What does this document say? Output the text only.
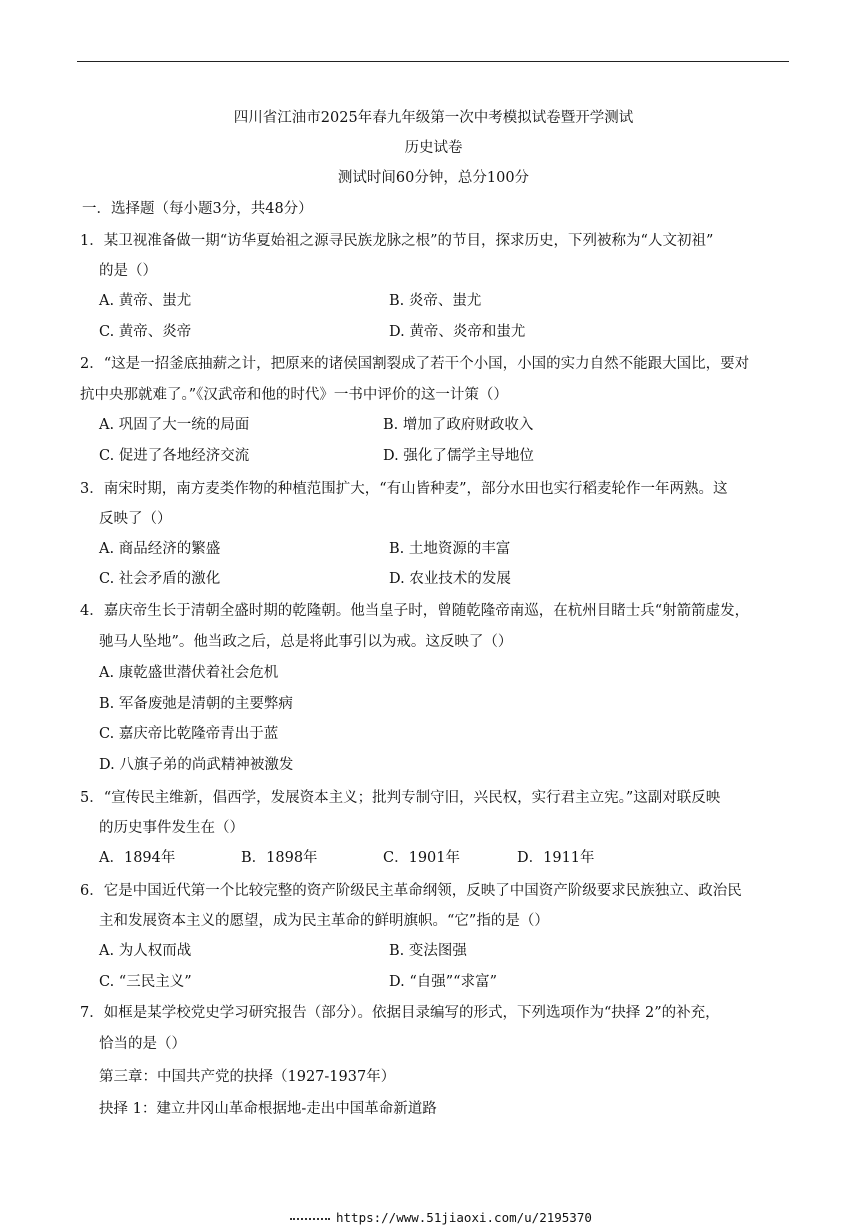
四川省江油市2025年春九年级第一次中考模拟试卷暨开学测试
历史试卷
测试时间60分钟，总分100分
一．选择题（每小题3分，共48分）
1．某卫视准备做一期“访华夏始祖之源寻民族龙脉之根”的节目，探求历史，下列被称为“人文初祖”
的是（）
A. 黄帝、蚩尤	B. 炎帝、蚩尤
C. 黄帝、炎帝	D. 黄帝、炎帝和蚩尤
2．“这是一招釜底抽薪之计，把原来的诸侯国割裂成了若干个小国，小国的实力自然不能跟大国比，要对
抗中央那就难了。”《汉武帝和他的时代》一书中评价的这一计策（）
A. 巩固了大一统的局面	B. 增加了政府财政收入
C. 促进了各地经济交流	D. 强化了儒学主导地位
3．南宋时期，南方麦类作物的种植范围扩大，“有山皆种麦”，部分水田也实行稻麦轮作一年两熟。这
反映了（）
A. 商品经济的繁盛	B. 土地资源的丰富
C. 社会矛盾的激化	D. 农业技术的发展
4．嘉庆帝生长于清朝全盛时期的乾隆朝。他当皇子时，曾随乾隆帝南巡，在杭州目睹士兵“射箭箭虚发，
驰马人坠地”。他当政之后，总是将此事引以为戒。这反映了（）
A. 康乾盛世潜伏着社会危机
B. 军备废弛是清朝的主要弊病
C. 嘉庆帝比乾隆帝青出于蓝
D. 八旗子弟的尚武精神被激发
5．“宣传民主维新，倡西学，发展资本主义；批判专制守旧，兴民权，实行君主立宪。”这副对联反映
的历史事件发生在（）
A．1894年	B．1898年	C．1901年	D．1911年
6．它是中国近代第一个比较完整的资产阶级民主革命纲领，反映了中国资产阶级要求民族独立、政治民
主和发展资本主义的愿望，成为民主革命的鲜明旗帜。“它”指的是（）
A. 为人权而战	B. 变法图强
C. “三民主义”	D. “自强”“求富”
7．如框是某学校党史学习研究报告（部分）。依据目录编写的形式，下列选项作为“抉择 2”的补充，
恰当的是（）
第三章：中国共产党的抉择（1927-1937年）
抉择 1：建立井冈山革命根据地-走出中国革命新道路
https://www.51jiaoxi.com/u/2195370
